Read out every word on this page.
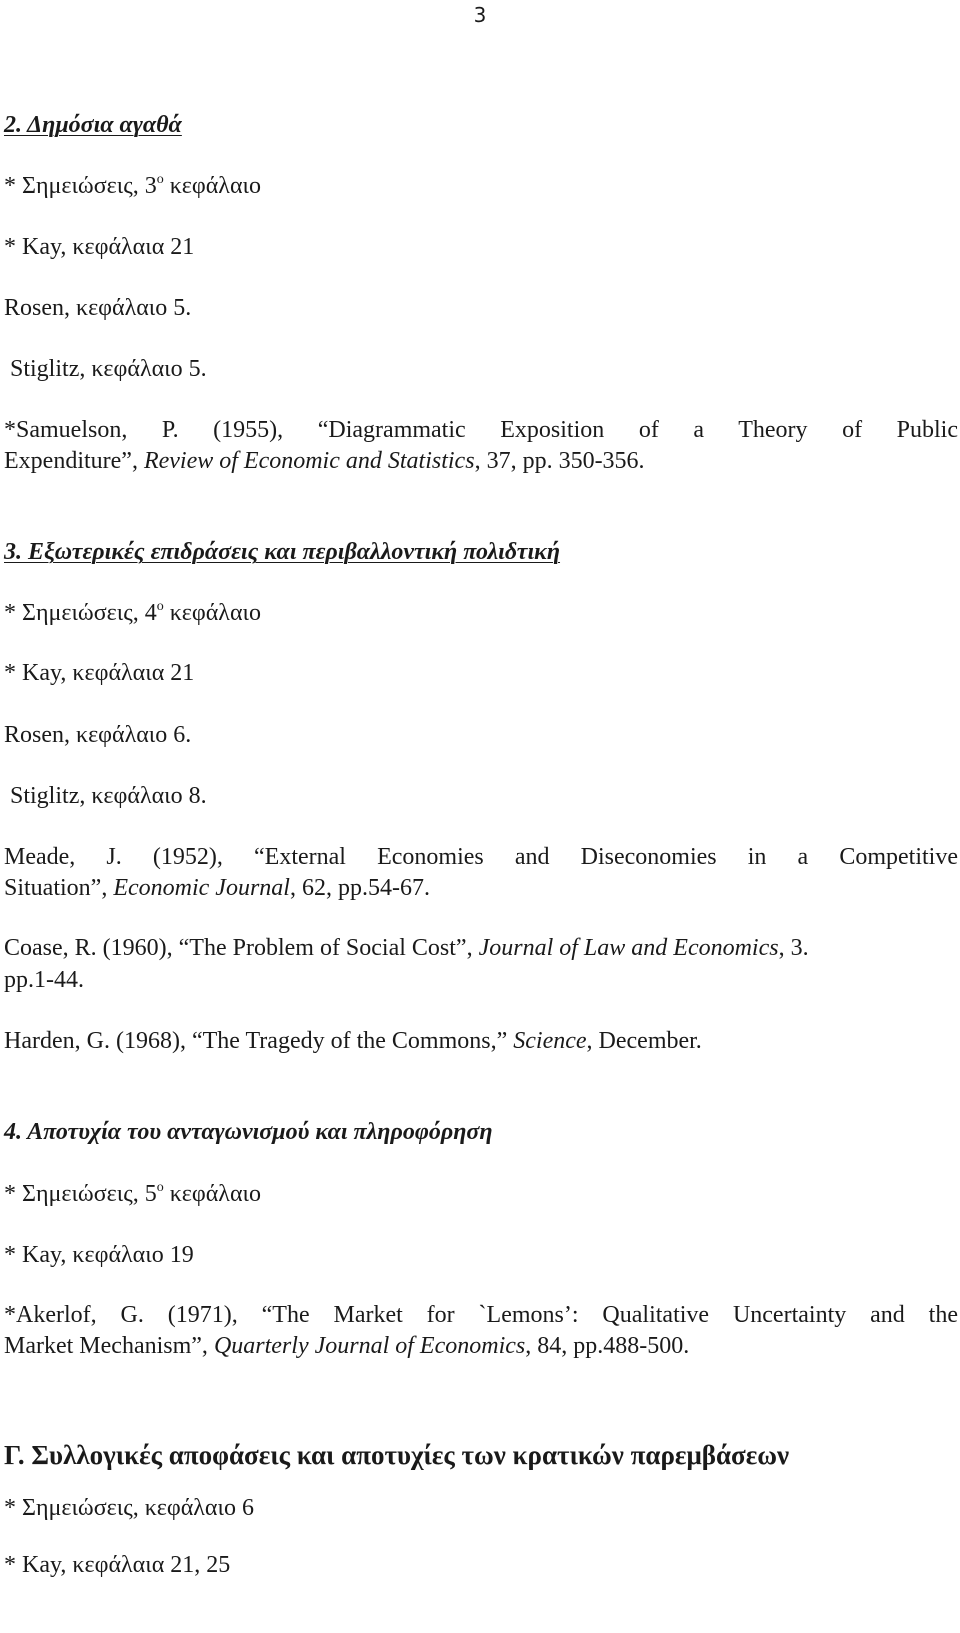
3
2. Δημόσια αγαθά
* Σημειώσεις, $3^o$ κεφάλαιο
* Kay, κεφάλαια 21
Rosen, κεφάλαιο 5.
Stiglitz, κεφάλαιο 5.
*Samuelson, P. (1955), “Diagrammatic Exposition of a Theory of Public
Expenditure”, Review of Economic and Statistics, 37, pp. 350-356.
3. Εξωτερικές επιδράσεις και περιβαλλοντική πολιδτική
* Σημειώσεις, $4^o$ κεφάλαιο
* Kay, κεφάλαια 21
Rosen, κεφάλαιο 6.
Stiglitz, κεφάλαιο 8.
Meade, J. (1952), “External Economies and Diseconomies in a Competitive
Situation”, Economic Journal, 62, pp.54-67.
Coase, R. (1960), “The Problem of Social Cost”, Journal of Law and Economics, 3.
pp.1-44.
Harden, G. (1968), “The Tragedy of the Commons,” Science, December.
4. Αποτυχία του ανταγωνισμού και πληροφόρηση
* Σημειώσεις, $5^o$ κεφάλαιο
* Kay, κεφάλαιο 19
*Akerlof, G. (1971), “The Market for `Lemons’: Qualitative Uncertainty and the
Market Mechanism”, Quarterly Journal of Economics, 84, pp.488-500.
Γ. Συλλογικές αποφάσεις και αποτυχίες των κρατικών παρεμβάσεων
* Σημειώσεις, κεφάλαιο 6
* Kay, κεφάλαια 21, 25
